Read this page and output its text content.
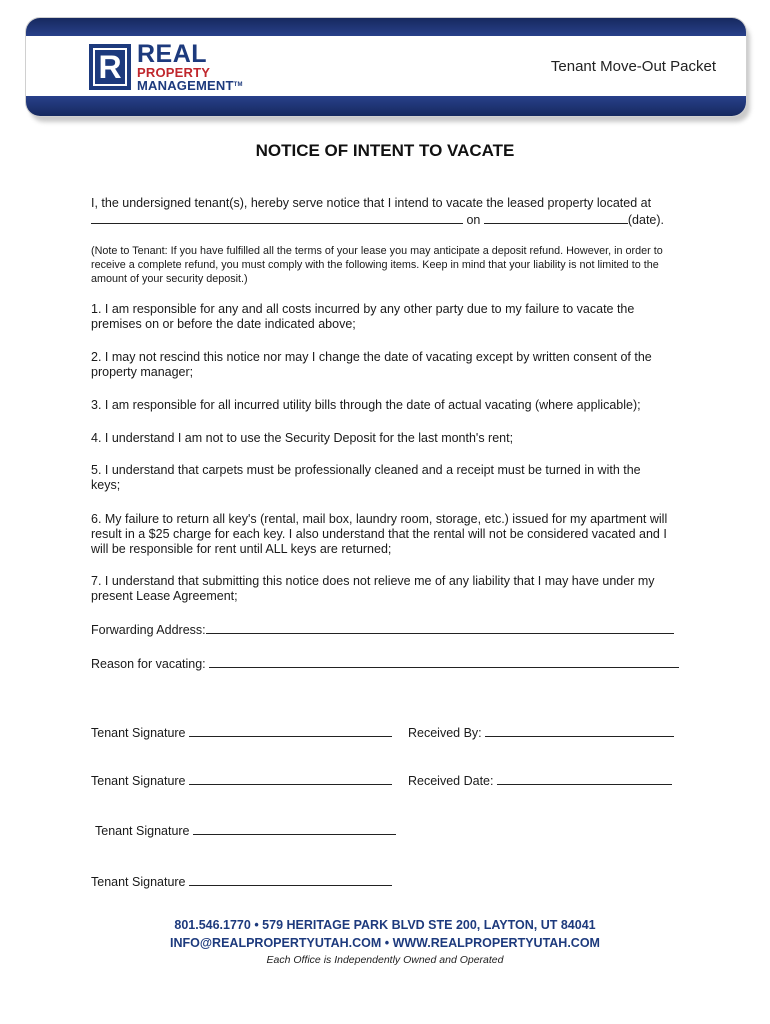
R REAL
PROPERTY
MANAGEMENTTM
Tenant Move-Out Packet
NOTICE OF INTENT TO VACATE
I, the undersigned tenant(s), hereby serve notice that I intend to vacate the leased property located at
on	(date).
(Note to Tenant: If you have fulfilled all the terms of your lease you may anticipate a deposit refund. However, in order to receive a complete refund, you must comply with the following items. Keep in mind that your liability is not limited to the amount of your security deposit.)
1. I am responsible for any and all costs incurred by any other party due to my failure to vacate the premises on or before the date indicated above;
2. I may not rescind this notice nor may I change the date of vacating except by written consent of the property manager;
3. I am responsible for all incurred utility bills through the date of actual vacating (where applicable);
4. I understand I am not to use the Security Deposit for the last month's rent;
5. I understand that carpets must be professionally cleaned and a receipt must be turned in with the keys;
6. My failure to return all key's (rental, mail box, laundry room, storage, etc.) issued for my apartment will result in a $25 charge for each key. I also understand that the rental will not be considered vacated and I will be responsible for rent until ALL keys are returned;
7. I understand that submitting this notice does not relieve me of any liability that I may have under my present Lease Agreement;
Forwarding Address:
Reason for vacating:
Tenant Signature	Received By:
Tenant Signature	Received Date:
Tenant Signature
Tenant Signature
801.546.1770 • 579 HERITAGE PARK BLVD STE 200, LAYTON, UT 84041
INFO@REALPROPERTYUTAH.COM • WWW.REALPROPERTYUTAH.COM
Each Office is Independently Owned and Operated
